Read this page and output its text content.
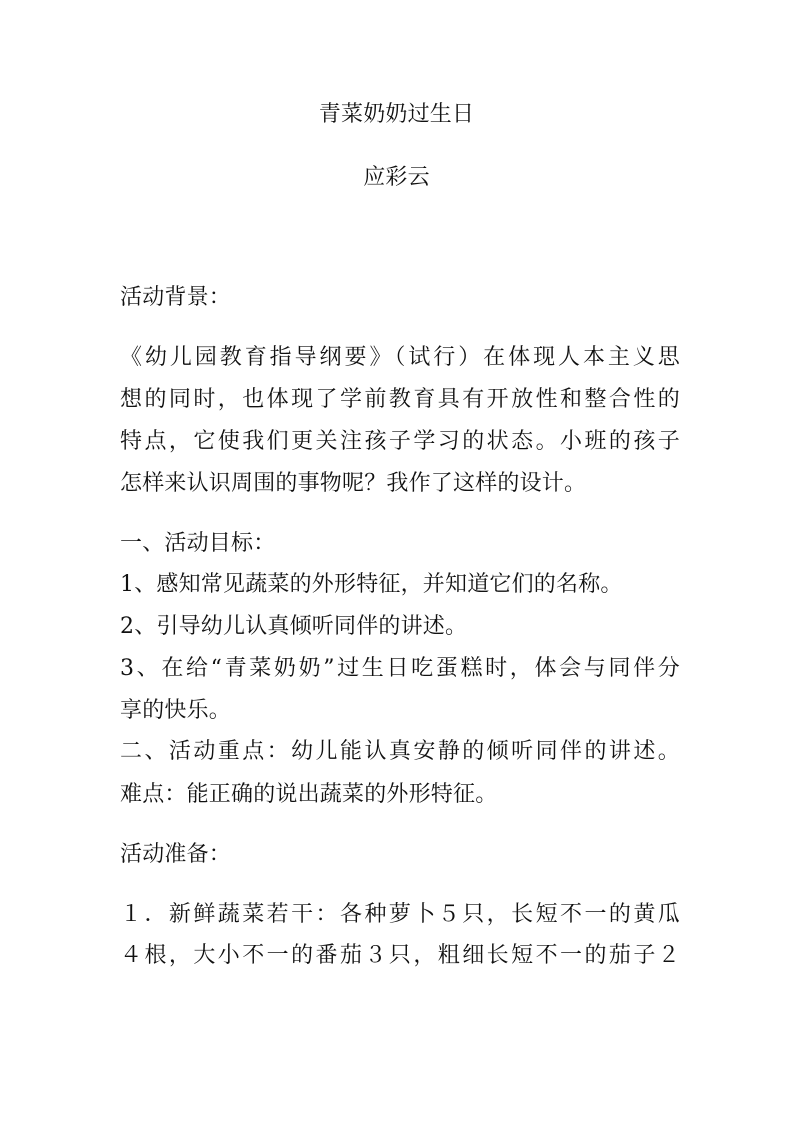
青菜奶奶过生日
应彩云
活动背景：
《幼儿园教育指导纲要》（试行）在体现人本主义思
想的同时，也体现了学前教育具有开放性和整合性的
特点，它使我们更关注孩子学习的状态。小班的孩子
怎样来认识周围的事物呢？我作了这样的设计。
一、活动目标：
1、感知常见蔬菜的外形特征，并知道它们的名称。
2、引导幼儿认真倾听同伴的讲述。
3、在给“青菜奶奶”过生日吃蛋糕时，体会与同伴分
享的快乐。
二、活动重点：幼儿能认真安静的倾听同伴的讲述。
难点：能正确的说出蔬菜的外形特征。
活动准备：
１．新鲜蔬菜若干：各种萝卜５只，长短不一的黄瓜
４根，大小不一的番茄３只，粗细长短不一的茄子２
